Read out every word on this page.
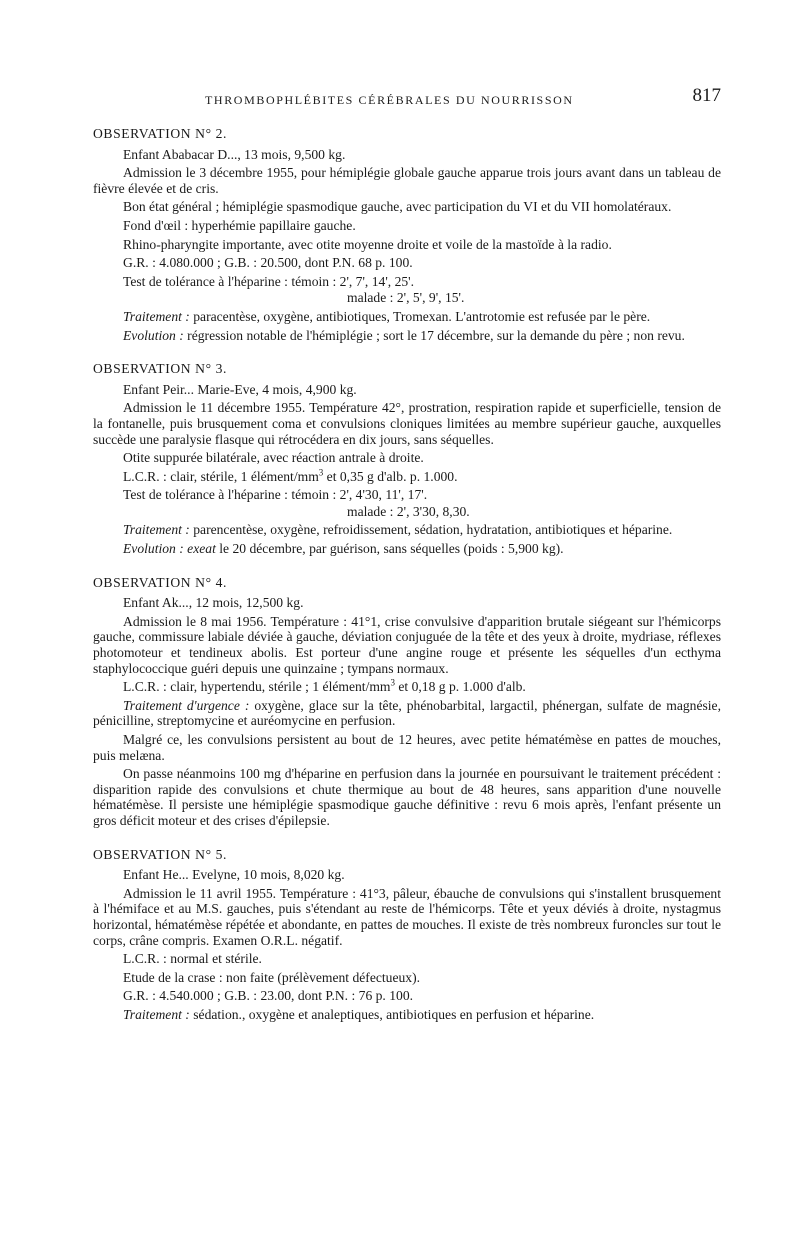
THROMBOPHLÉBITES CÉRÉBRALES DU NOURRISSON	817
OBSERVATION N° 2.

Enfant Ababacar D..., 13 mois, 9,500 kg.

Admission le 3 décembre 1955, pour hémiplégie globale gauche apparue trois jours avant dans un tableau de fièvre élevée et de cris.

Bon état général ; hémiplégie spasmodique gauche, avec participation du VI et du VII homolatéraux.

Fond d'œil : hyperhémie papillaire gauche.

Rhino-pharyngite importante, avec otite moyenne droite et voile de la mastoïde à la radio.

G.R. : 4.080.000 ; G.B. : 20.500, dont P.N. 68 p. 100.

Test de tolérance à l'héparine : témoin : 2', 7', 14', 25'.

malade : 2', 5', 9', 15'.

Traitement : paracentèse, oxygène, antibiotiques, Tromexan. L'antrotomie est refusée par le père.

Evolution : régression notable de l'hémiplégie ; sort le 17 décembre, sur la demande du père ; non revu.

OBSERVATION N° 3.

Enfant Peir... Marie-Eve, 4 mois, 4,900 kg.

Admission le 11 décembre 1955. Température 42°, prostration, respiration rapide et superficielle, tension de la fontanelle, puis brusquement coma et convulsions cloniques limitées au membre supérieur gauche, auxquelles succède une paralysie flasque qui rétrocédera en dix jours, sans séquelles.

Otite suppurée bilatérale, avec réaction antrale à droite.

L.C.R. : clair, stérile, 1 élément/$mm^3$ et 0,35 g d'alb. p. 1.000.

Test de tolérance à l'héparine : témoin : 2', 4'30, 11', 17'.

malade : 2', 3'30, 8,30.

Traitement : parencentèse, oxygène, refroidissement, sédation, hydratation, antibiotiques et héparine.

Evolution : exeat le 20 décembre, par guérison, sans séquelles (poids : 5,900 kg).

OBSERVATION N° 4.

Enfant Ak..., 12 mois, 12,500 kg.

Admission le 8 mai 1956. Température : 41°1, crise convulsive d'apparition brutale siégeant sur l'hémicorps gauche, commissure labiale déviée à gauche, déviation conjuguée de la tête et des yeux à droite, mydriase, réflexes photomoteur et tendineux abolis. Est porteur d'une angine rouge et présente les séquelles d'un ecthyma staphylococcique guéri depuis une quinzaine ; tympans normaux.

L.C.R. : clair, hypertendu, stérile ; 1 élément/$mm^3$ et 0,18 g p. 1.000 d'alb.

Traitement d'urgence : oxygène, glace sur la tête, phénobarbital, largactil, phénergan, sulfate de magnésie, pénicilline, streptomycine et auréomycine en perfusion.

Malgré ce, les convulsions persistent au bout de 12 heures, avec petite hématémèse en pattes de mouches, puis melæna.

On passe néanmoins 100 mg d'héparine en perfusion dans la journée en poursuivant le traitement précédent : disparition rapide des convulsions et chute thermique au bout de 48 heures, sans apparition d'une nouvelle hématémèse. Il persiste une hémiplégie spasmodique gauche définitive : revu 6 mois après, l'enfant présente un gros déficit moteur et des crises d'épilepsie.

OBSERVATION N° 5.

Enfant He... Evelyne, 10 mois, 8,020 kg.

Admission le 11 avril 1955. Température : 41°3, pâleur, ébauche de convulsions qui s'installent brusquement à l'hémiface et au M.S. gauches, puis s'étendant au reste de l'hémicorps. Tête et yeux déviés à droite, nystagmus horizontal, hématémèse répétée et abondante, en pattes de mouches. Il existe de très nombreux furoncles sur tout le corps, crâne compris. Examen O.R.L. négatif.

L.C.R. : normal et stérile.

Etude de la crase : non faite (prélèvement défectueux).

G.R. : 4.540.000 ; G.B. : 23.00, dont P.N. : 76 p. 100.

Traitement : sédation., oxygène et analeptiques, antibiotiques en perfusion et héparine.
